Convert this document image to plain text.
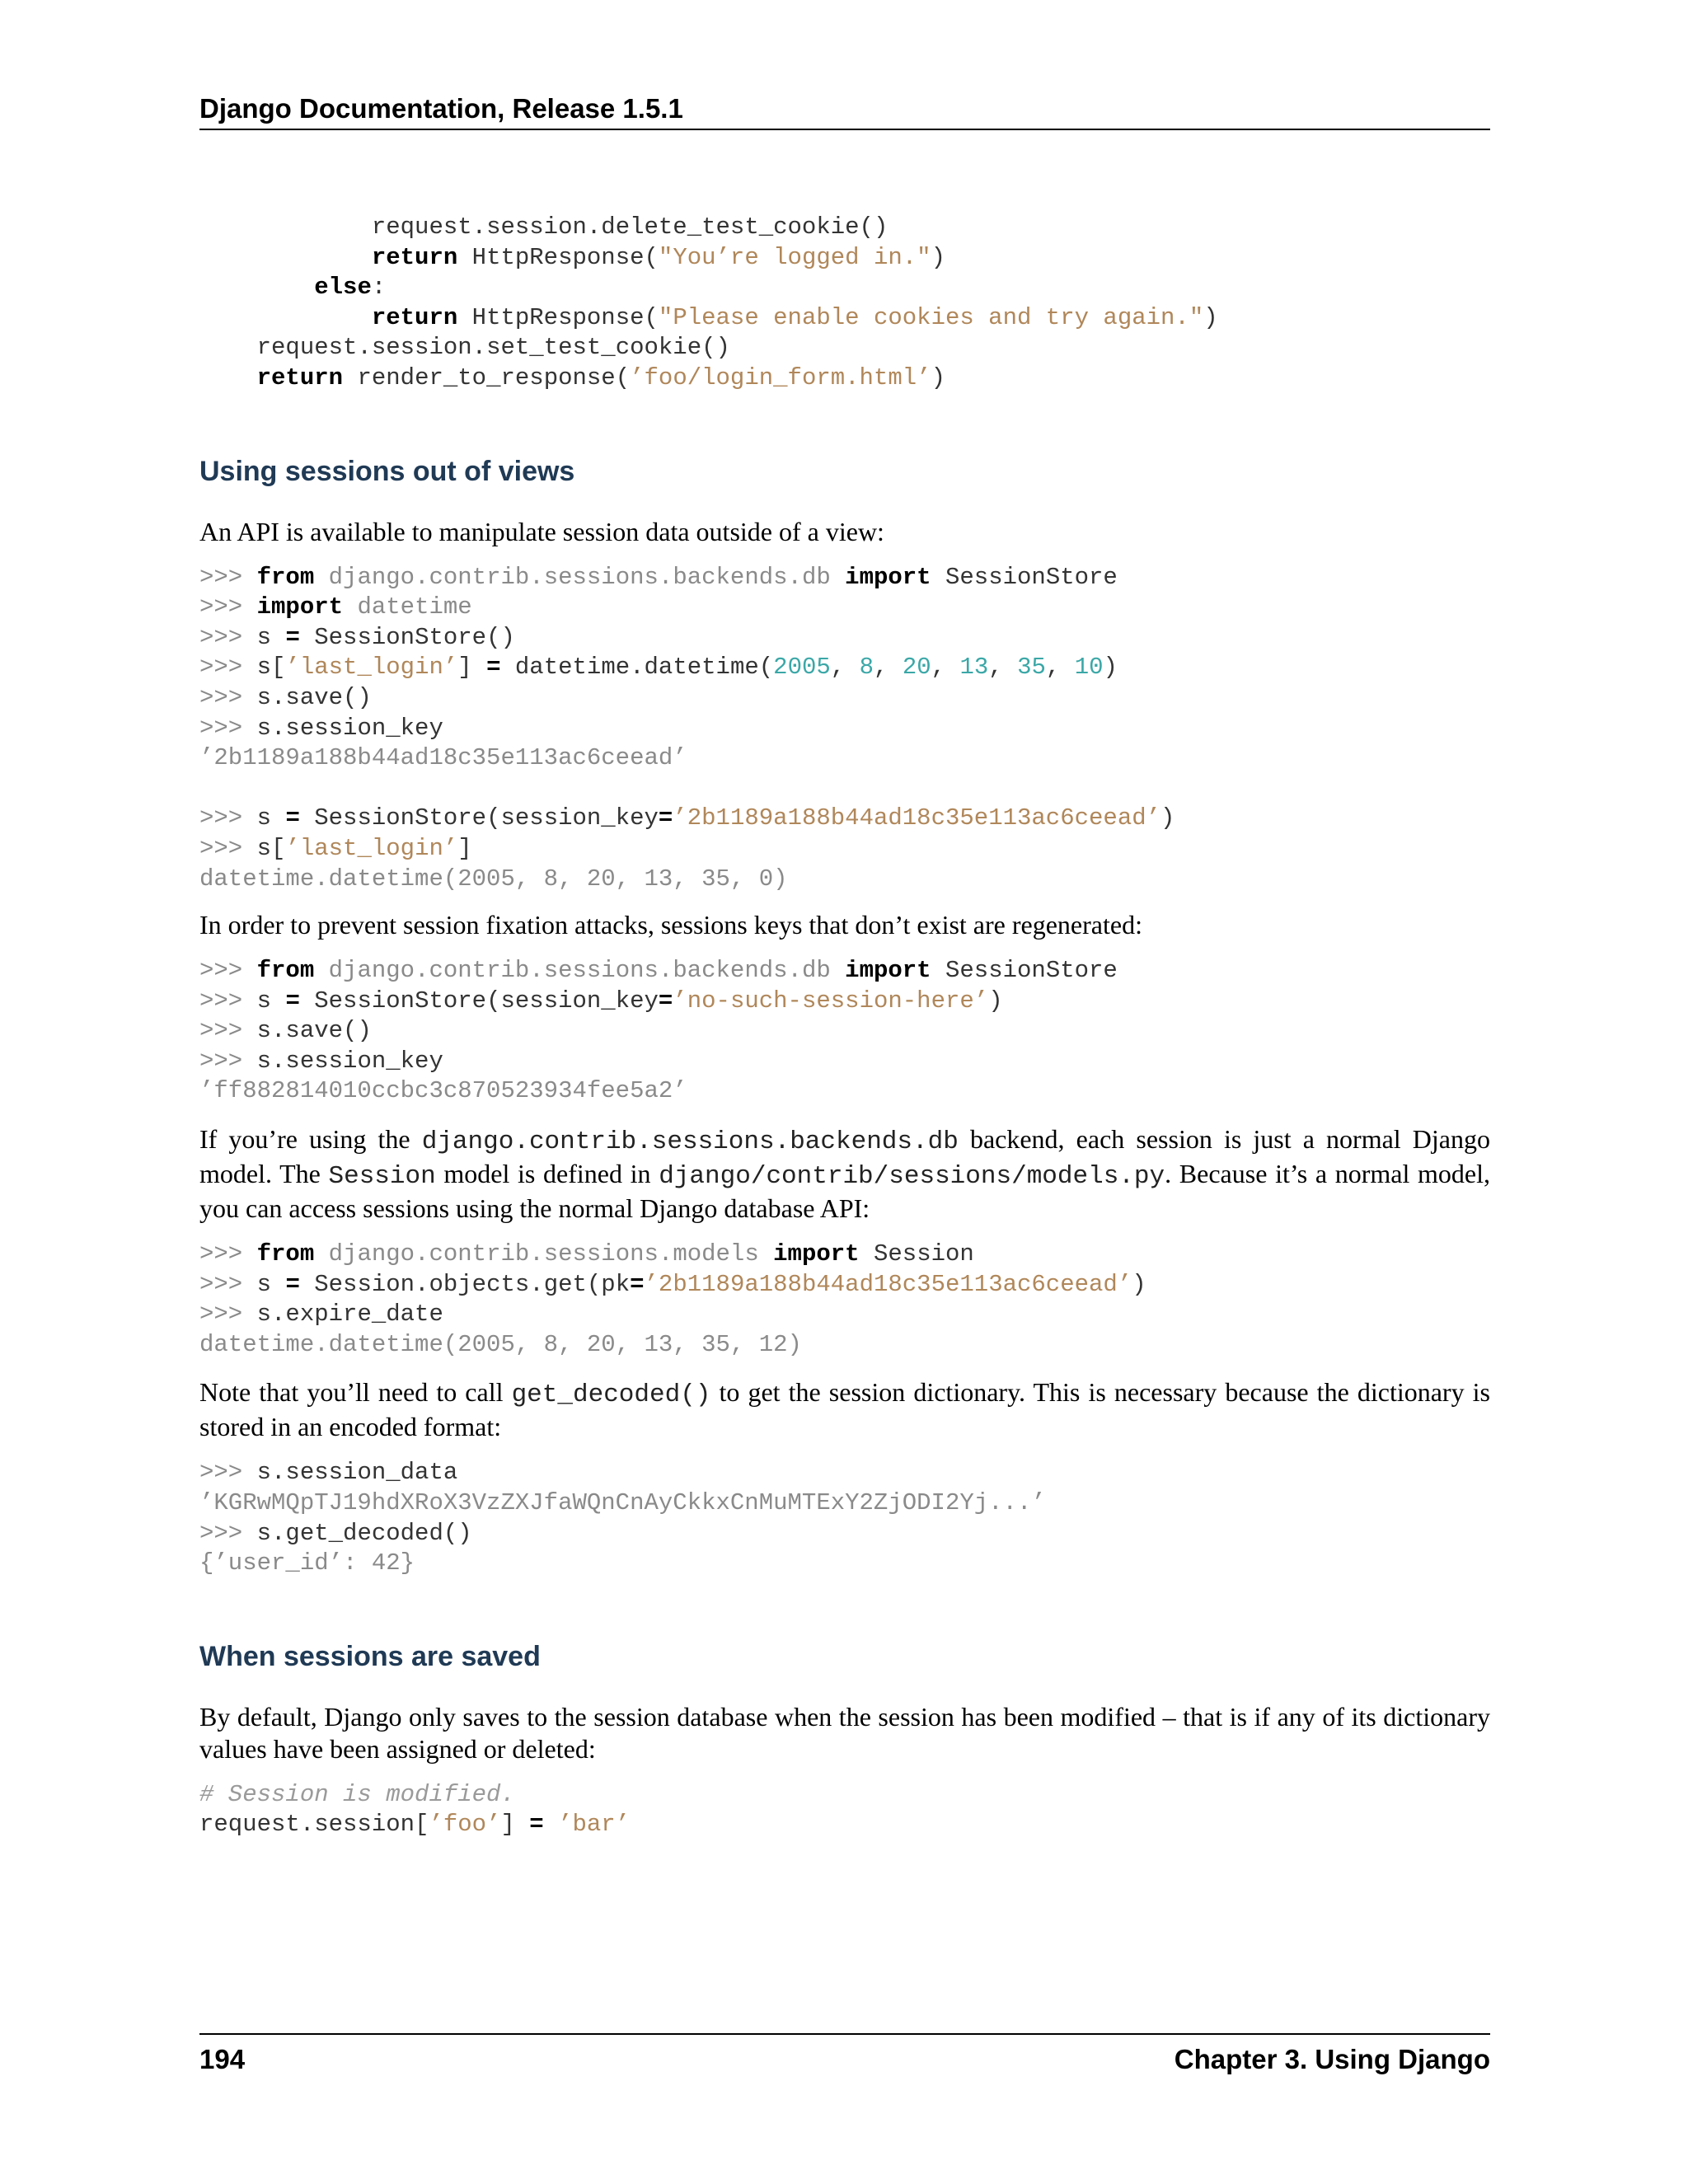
Django Documentation, Release 1.5.1
request.session.delete_test_cookie()
return HttpResponse("You’re logged in.")
else:
return HttpResponse("Please enable cookies and try again.")
request.session.set_test_cookie()
return render_to_response(’foo/login_form.html’)
Using sessions out of views

An API is available to manipulate session data outside of a view:

>>> from django.contrib.sessions.backends.db import SessionStore
>>> import datetime
>>> s = SessionStore()
>>> s[’last_login’] = datetime.datetime(2005, 8, 20, 13, 35, 10)
>>> s.save()
>>> s.session_key
’2b1189a188b44ad18c35e113ac6ceead’

>>> s = SessionStore(session_key=’2b1189a188b44ad18c35e113ac6ceead’)
>>> s[’last_login’]
datetime.datetime(2005, 8, 20, 13, 35, 0)

In order to prevent session fixation attacks, sessions keys that don’t exist are regenerated:

>>> from django.contrib.sessions.backends.db import SessionStore
>>> s = SessionStore(session_key=’no-such-session-here’)
>>> s.save()
>>> s.session_key
’ff882814010ccbc3c870523934fee5a2’

If you’re using the django.contrib.sessions.backends.db backend, each session is just a normal Django model. The Session model is defined in django/contrib/sessions/models.py. Because it’s a normal model, you can access sessions using the normal Django database API:

>>> from django.contrib.sessions.models import Session
>>> s = Session.objects.get(pk=’2b1189a188b44ad18c35e113ac6ceead’)
>>> s.expire_date
datetime.datetime(2005, 8, 20, 13, 35, 12)

Note that you’ll need to call get_decoded() to get the session dictionary. This is necessary because the dictionary is stored in an encoded format:

>>> s.session_data
’KGRwMQpTJ19hdXRoX3VzZXJfaWQnCnAyCkkxCnMuMTExY2ZjODI2Yj...’
>>> s.get_decoded()
{’user_id’: 42}
When sessions are saved

By default, Django only saves to the session database when the session has been modified – that is if any of its dictionary values have been assigned or deleted:

# Session is modified.
request.session[’foo’] = ’bar’
194	Chapter 3. Using Django
